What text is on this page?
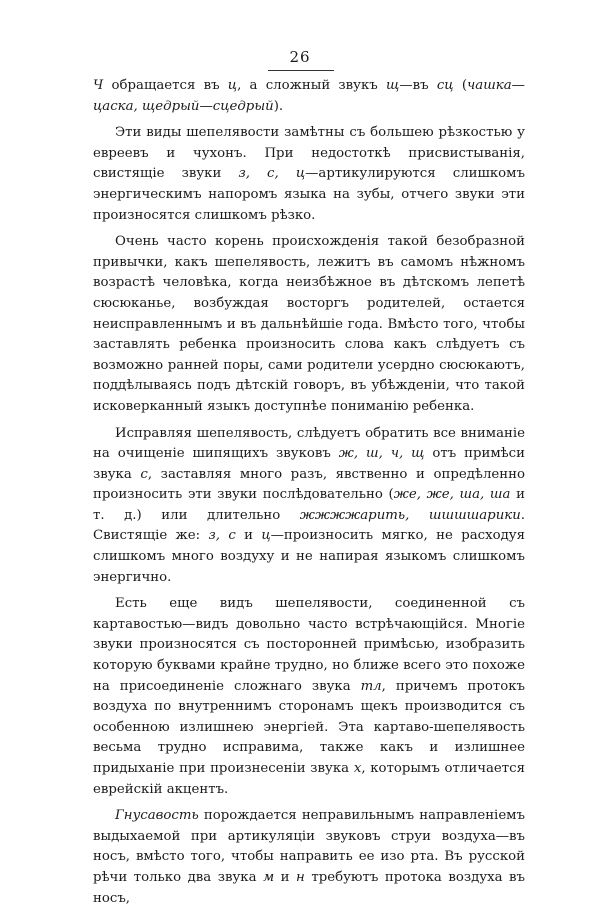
26

Ч обращается въ ц, а сложный звукъ щ—въ сц (чашка—цаска, щедрый—сцедрый).

Эти виды шепелявости замѣтны съ большею рѣзкостью у евреевъ и чухонъ. При недостоткѣ присвистыванія, свистящіе звуки з, с, ц—артикулируются слишкомъ энергическимъ напоромъ языка на зубы, отчего звуки эти произносятся слишкомъ рѣзко.

Очень часто корень происхожденія такой безобразной привычки, какъ шепелявость, лежитъ въ самомъ нѣжномъ возрастѣ человѣка, когда неизбѣжное въ дѣтскомъ лепетѣ сюсюканье, возбуждая восторгъ родителей, остается неисправленнымъ и въ дальнѣйшіе года. Вмѣсто того, чтобы заставлять ребенка произносить слова какъ слѣдуетъ съ возможно ранней поры, сами родители усердно сюсюкаютъ, поддѣлываясь подъ дѣтскій говоръ, въ убѣжденіи, что такой исковерканный языкъ доступнѣе пониманію ребенка.

Исправляя шепелявость, слѣдуетъ обратить все вниманіе на очищеніе шипящихъ звуковъ ж, ш, ч, щ отъ примѣси звука с, заставляя много разъ, явственно и опредѣленно произносить эти звуки послѣдовательно (же, же, ша, ша и т. д.) или длительно жжжжарить, шшшшарики. Свистящіе же: з, с и ц—произносить мягко, не расходуя слишкомъ много воздуху и не напирая языкомъ слишкомъ энергично.

Есть еще видъ шепелявости, соединенной съ картавостью—видъ довольно часто встрѣчающійся. Многіе звуки произносятся съ посторонней примѣсью, изобразить которую буквами крайне трудно, но ближе всего это похоже на присоединеніе сложнаго звука тл, причемъ протокъ воздуха по внутреннимъ сторонамъ щекъ производится съ особенною излишнею энергіей. Эта картаво-шепелявость весьма трудно исправима, также какъ и излишнее придыханіе при произнесеніи звука х, которымъ отличается еврейскій акцентъ.

Гнусавость порождается неправильнымъ направленіемъ выдыхаемой при артикуляціи звуковъ струи воздуха—въ носъ, вмѣсто того, чтобы направить ее изо рта. Въ русской рѣчи только два звука м и н требуютъ протока воздуха въ носъ,
